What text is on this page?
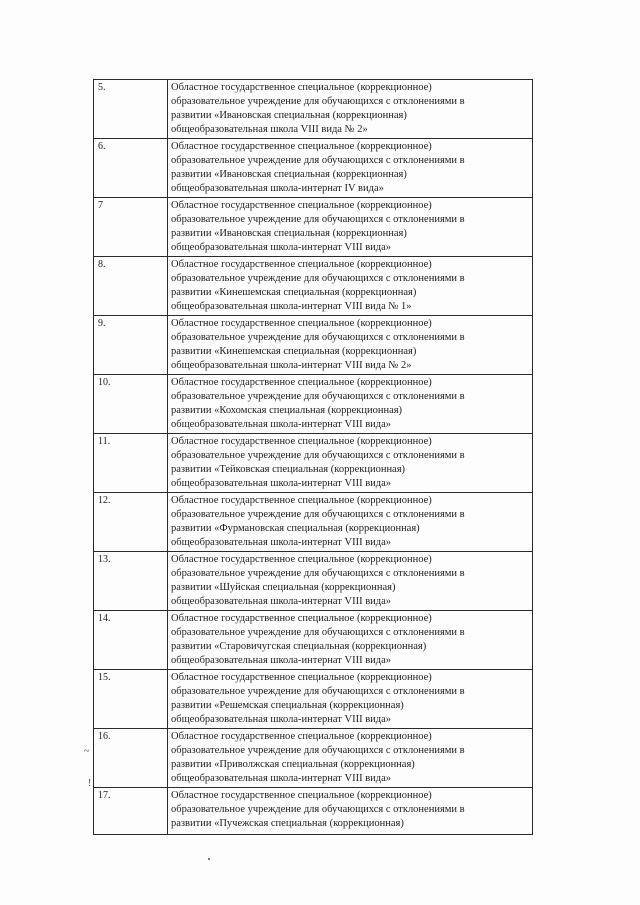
5.	Областное государственное специальное (коррекционное)
образовательное учреждение для обучающихся с отклонениями в
развитии «Ивановская специальная (коррекционная)
общеобразовательная школа VIII вида № 2»

6.	Областное государственное специальное (коррекционное)
образовательное учреждение для обучающихся с отклонениями в
развитии «Ивановская специальная (коррекционная)
общеобразовательная школа-интернат IV вида»

7	Областное государственное специальное (коррекционное)
образовательное учреждение для обучающихся с отклонениями в
развитии «Ивановская специальная (коррекционная)
общеобразовательная школа-интернат VIII вида»

8.	Областное государственное специальное (коррекционное)
образовательное учреждение для обучающихся с отклонениями в
развитии «Кинешемская специальная (коррекционная)
общеобразовательная школа-интернат VIII вида № 1»

9.	Областное государственное специальное (коррекционное)
образовательное учреждение для обучающихся с отклонениями в
развитии «Кинешемская специальная (коррекционная)
общеобразовательная школа-интернат VIII вида № 2»

10.	Областное государственное специальное (коррекционное)
образовательное учреждение для обучающихся с отклонениями в
развитии «Кохомская специальная (коррекционная)
общеобразовательная школа-интернат VIII вида»

11.	Областное государственное специальное (коррекционное)
образовательное учреждение для обучающихся с отклонениями в
развитии «Тейковская специальная (коррекционная)
общеобразовательная школа-интернат VIII вида»

12.	Областное государственное специальное (коррекционное)
образовательное учреждение для обучающихся с отклонениями в
развитии «Фурмановская специальная (коррекционная)
общеобразовательная школа-интернат VIII вида»

13.	Областное государственное специальное (коррекционное)
образовательное учреждение для обучающихся с отклонениями в
развитии «Шуйская специальная (коррекционная)
общеобразовательная школа-интернат VIII вида»

14.	Областное государственное специальное (коррекционное)
образовательное учреждение для обучающихся с отклонениями в
развитии «Старовичугская специальная (коррекционная)
общеобразовательная школа-интернат VIII вида»

15.	Областное государственное специальное (коррекционное)
образовательное учреждение для обучающихся с отклонениями в
развитии «Решемская специальная (коррекционная)
общеобразовательная школа-интернат VIII вида»

16.	Областное государственное специальное (коррекционное)
образовательное учреждение для обучающихся с отклонениями в
развитии «Приволжская специальная (коррекционная)
общеобразовательная школа-интернат VIII вида»

17.	Областное государственное специальное (коррекционное)
образовательное учреждение для обучающихся с отклонениями в
развитии «Пучежская специальная (коррекционная)
~
!
